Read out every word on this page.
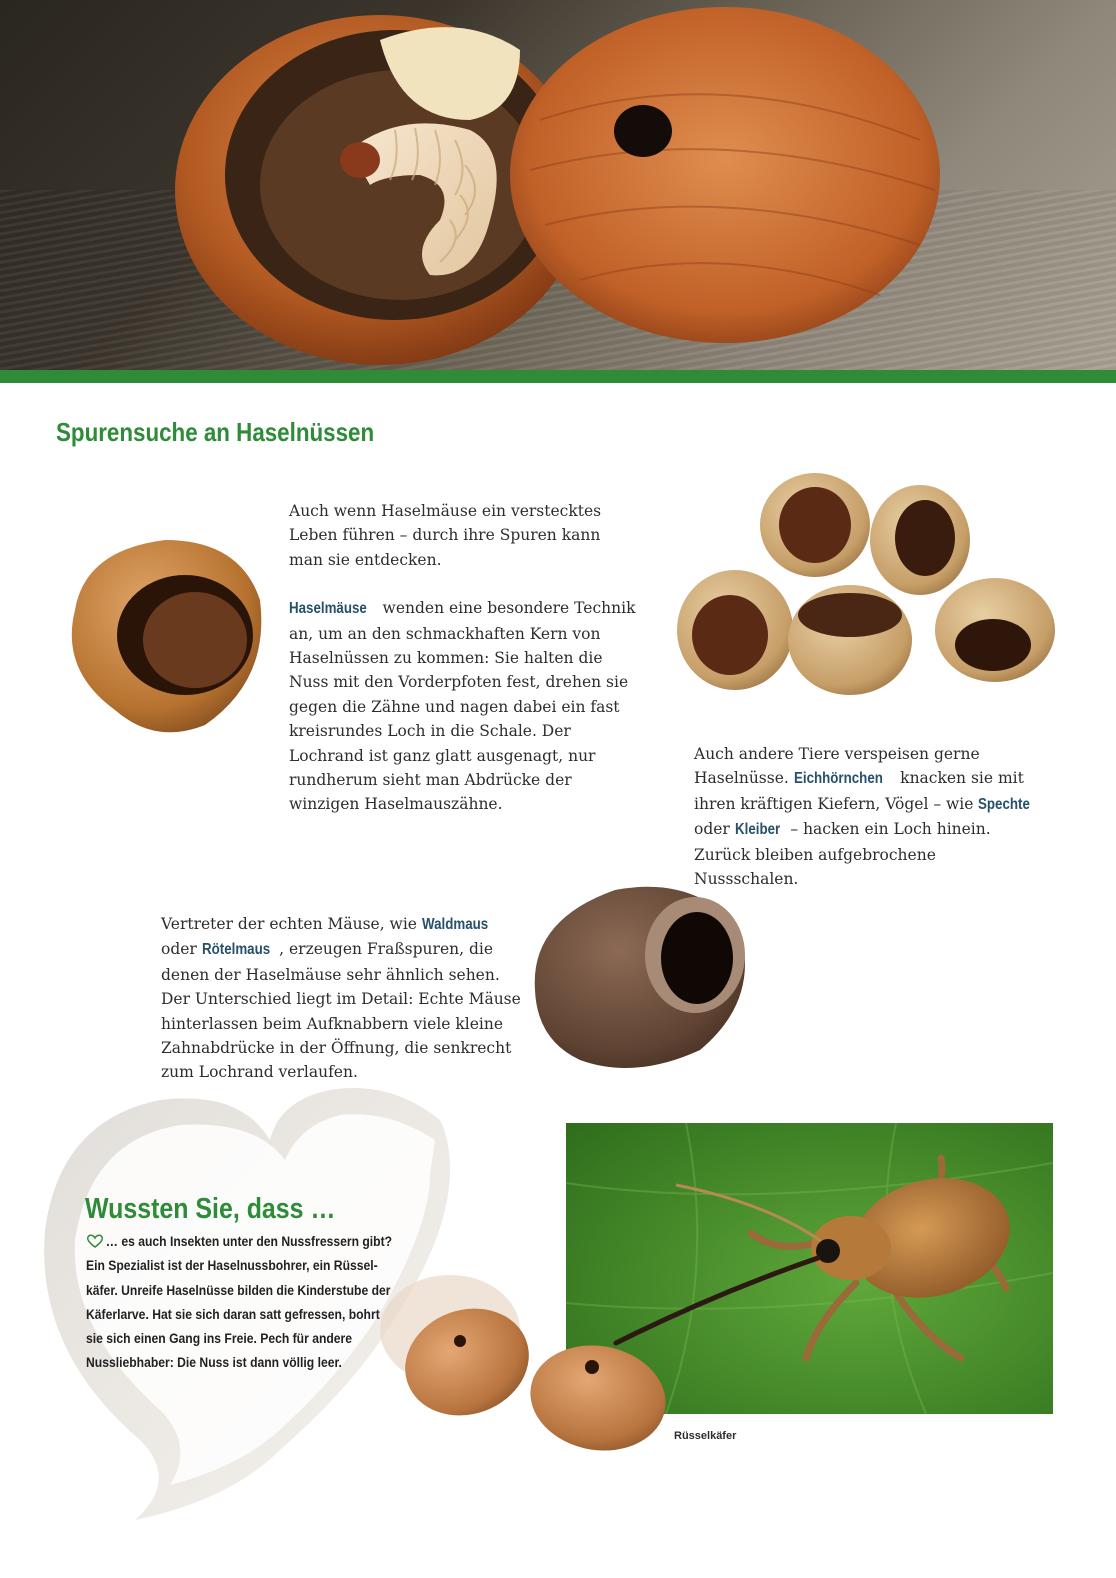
Spurensuche an Haselnüssen

Auch wenn Haselmäuse ein verstecktes Leben führen – durch ihre Spuren kann man sie entdecken.

Haselmäuse wenden eine besondere Technik an, um an den schmackhaften Kern von Haselnüssen zu kommen: Sie halten die Nuss mit den Vorderpfoten fest, drehen sie gegen die Zähne und nagen dabei ein fast kreisrundes Loch in die Schale. Der Lochrand ist ganz glatt ausgenagt, nur rundherum sieht man Abdrücke der winzigen Haselmauszähne.

Auch andere Tiere verspeisen gerne Haselnüsse. Eichhörnchen knacken sie mit ihren kräftigen Kiefern, Vögel – wie Spechte oder Kleiber – hacken ein Loch hinein. Zurück bleiben aufgebrochene Nussschalen.
Vertreter der echten Mäuse, wie Waldmaus oder Rötelmaus , erzeugen Fraßspuren, die denen der Haselmäuse sehr ähnlich sehen. Der Unterschied liegt im Detail: Echte Mäuse hinterlassen beim Aufknabbern viele kleine Zahnabdrücke in der Öffnung, die senkrecht zum Lochrand verlaufen.
Wussten Sie, dass …
… es auch Insekten unter den Nussfressern gibt?
Ein Spezialist ist der Haselnussbohrer, ein Rüssel-
käfer. Unreife Haselnüsse bilden die Kinderstube der
Käferlarve. Hat sie sich daran satt gefressen, bohrt
sie sich einen Gang ins Freie. Pech für andere
Nussliebhaber: Die Nuss ist dann völlig leer.
Rüsselkäfer
